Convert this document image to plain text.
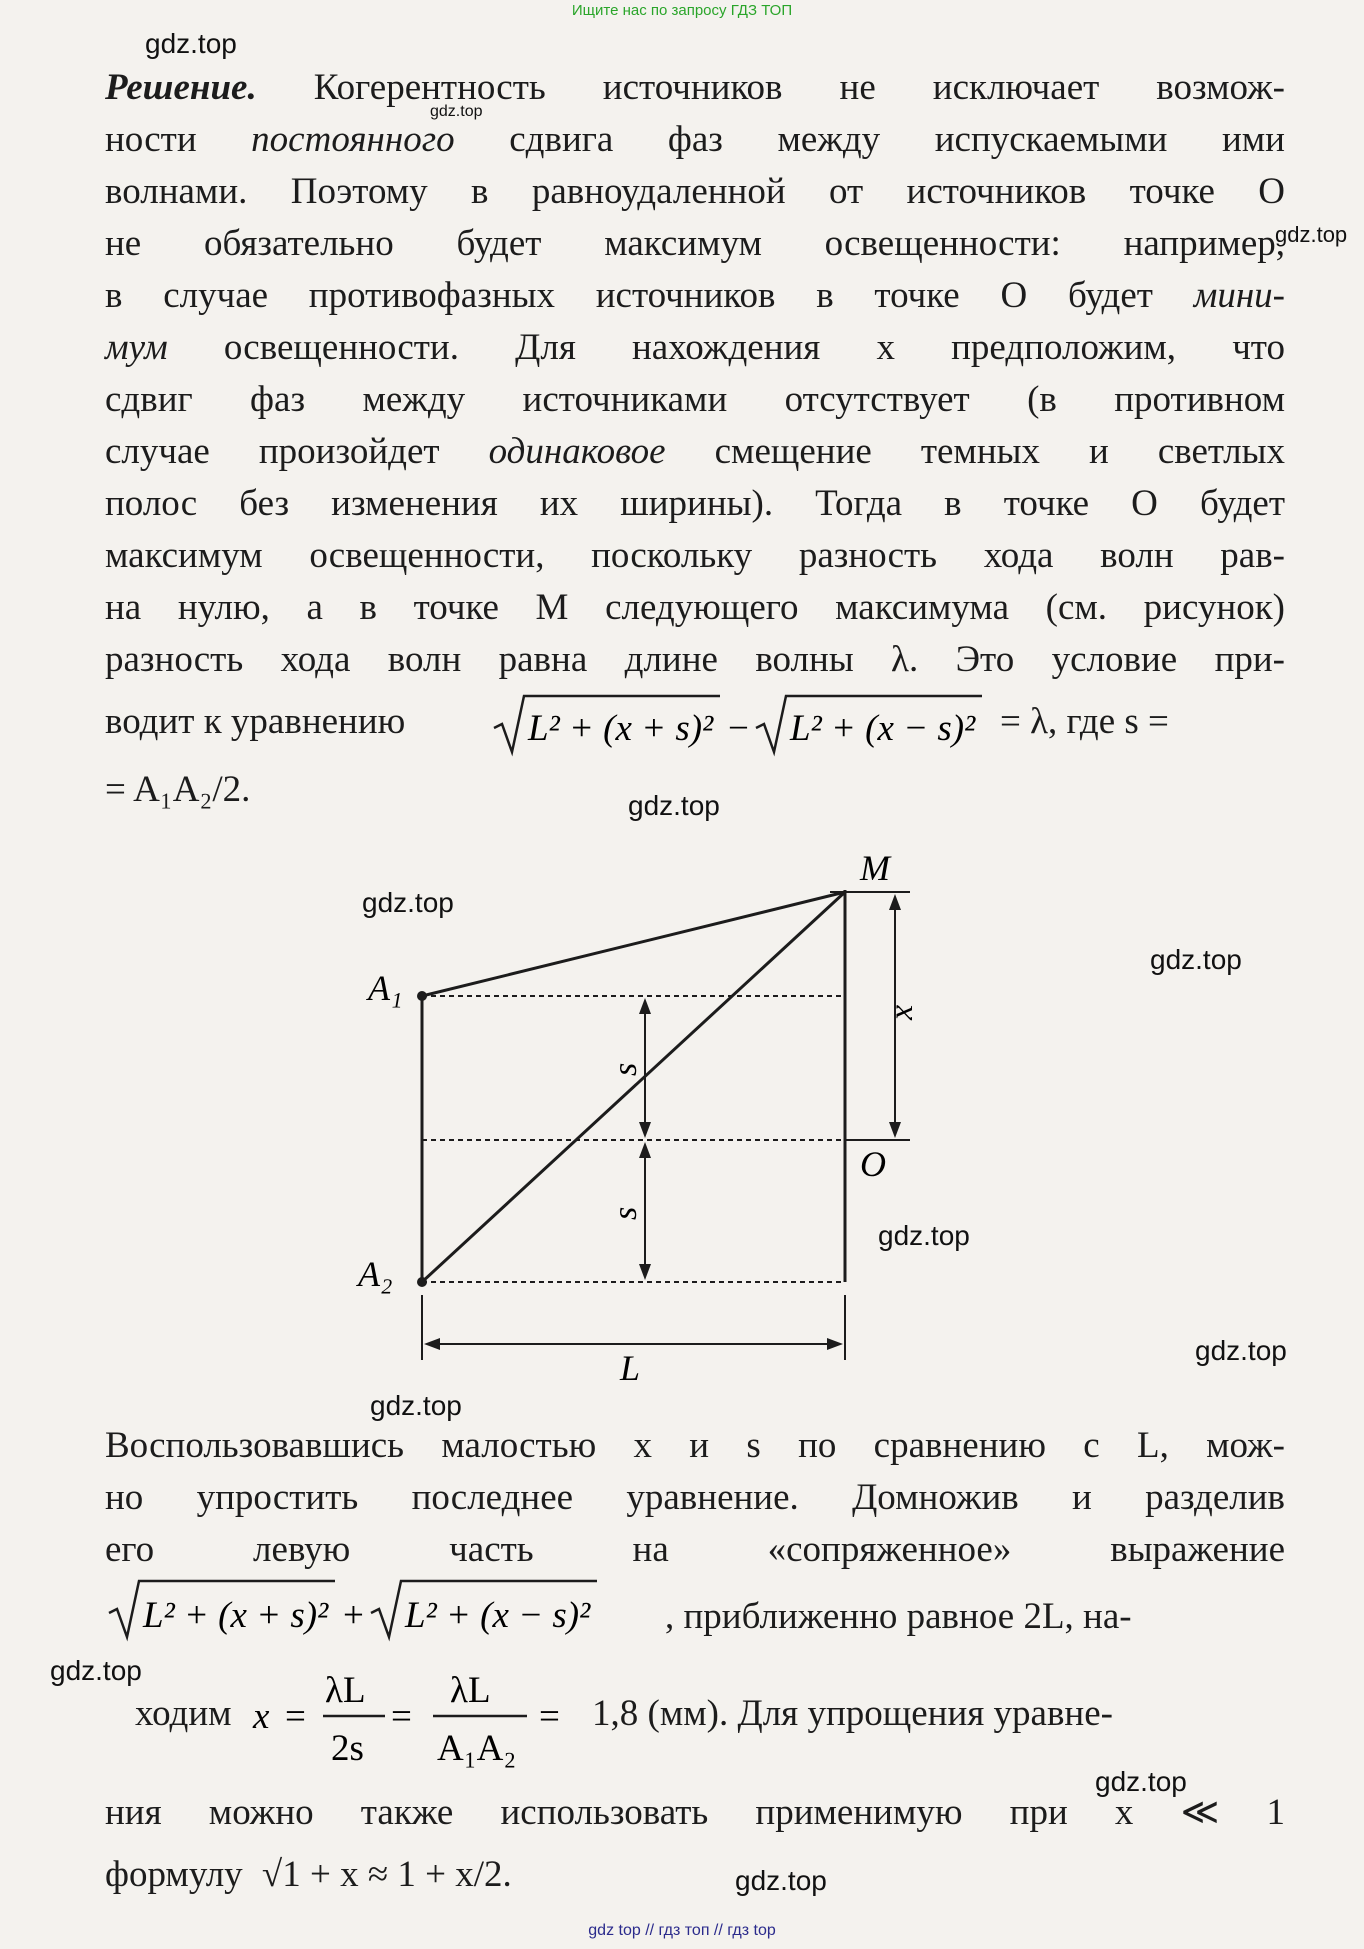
Ищите нас по запросу ГДЗ ТОП
gdz.top
gdz.top
gdz.top
gdz.top
gdz.top
gdz.top
gdz.top
gdz.top
gdz.top
gdz.top
gdz.top
gdz.top
Решение. Когерентность источников не исключает возмож-
ности постоянного сдвига фаз между испускаемыми ими
волнами. Поэтому в равноудаленной от источников точке O
не обязательно будет максимум освещенности: например,
в случае противофазных источников в точке O будет мини-
мум освещенности. Для нахождения x предположим, что
сдвиг фаз между источниками отсутствует (в противном
случае произойдет одинаковое смещение темных и светлых
полос без изменения их ширины). Тогда в точке O будет
максимум освещенности, поскольку разность хода волн рав-
на нулю, а в точке M следующего максимума (см. рисунок)
разность хода волн равна длине волны λ. Это условие при-
водит к уравнению	L² + (x + s)² − L² + (x − s)² = λ, где s =
= A₁A₂/2.
M
A₁
A₂
O
x
s
s
L
Воспользовавшись малостью x и s по сравнению с L, мож-
но упростить последнее уравнение. Домножив и разделив
его левую часть на «сопряженное» выражение
L² + (x + s)² + L² + (x − s)² , приближенно равное 2L, на-
ходим x =
λL
2s
=
λL
A₁A₂
= 1,8 (мм). Для упрощения уравне-
ния можно также использовать применимую при x ≪ 1
формулу √1 + x ≈ 1 + x/2.
gdz top // гдз топ // гдз top
